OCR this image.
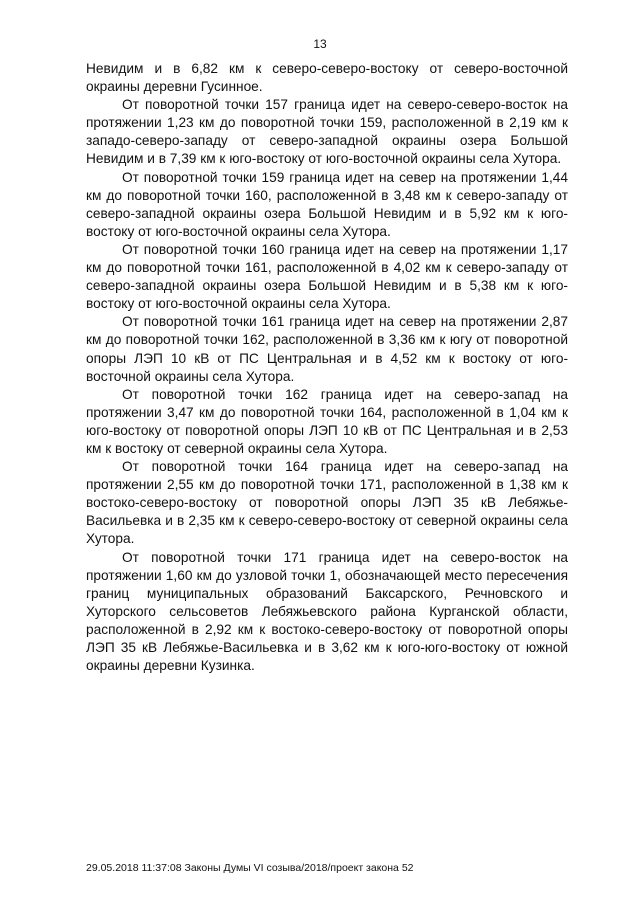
13

Невидим и в 6,82 км к северо-северо-востоку от северо-восточной окраины деревни Гусинное.

От поворотной точки 157 граница идет на северо-северо-восток на протяжении 1,23 км до поворотной точки 159, расположенной в 2,19 км к западо-северо-западу от северо-западной окраины озера Большой Невидим и в 7,39 км к юго-востоку от юго-восточной окраины села Хутора.

От поворотной точки 159 граница идет на север на протяжении 1,44 км до поворотной точки 160, расположенной в 3,48 км к северо-западу от северо-западной окраины озера Большой Невидим и в 5,92 км к юго-востоку от юго-восточной окраины села Хутора.

От поворотной точки 160 граница идет на север на протяжении 1,17 км до поворотной точки 161, расположенной в 4,02 км к северо-западу от северо-западной окраины озера Большой Невидим и в 5,38 км к юго-востоку от юго-восточной окраины села Хутора.

От поворотной точки 161 граница идет на север на протяжении 2,87 км до поворотной точки 162, расположенной в 3,36 км к югу от поворотной опоры ЛЭП 10 кВ от ПС Центральная и в 4,52 км к востоку от юго-восточной окраины села Хутора.

От поворотной точки 162 граница идет на северо-запад на протяжении 3,47 км до поворотной точки 164, расположенной в 1,04 км к юго-востоку от поворотной опоры ЛЭП 10 кВ от ПС Центральная и в 2,53 км к востоку от северной окраины села Хутора.

От поворотной точки 164 граница идет на северо-запад на протяжении 2,55 км до поворотной точки 171, расположенной в 1,38 км к востоко-северо-востоку от поворотной опоры ЛЭП 35 кВ Лебяжье-Васильевка и в 2,35 км к северо-северо-востоку от северной окраины села Хутора.

От поворотной точки 171 граница идет на северо-восток на протяжении 1,60 км до узловой точки 1, обозначающей место пересечения границ муниципальных образований Баксарского, Речновского и Хуторского сельсоветов Лебяжьевского района Курганской области, расположенной в 2,92 км к востоко-северо-востоку от поворотной опоры ЛЭП 35 кВ Лебяжье-Васильевка и в 3,62 км к юго-юго-востоку от южной окраины деревни Кузинка.

29.05.2018 11:37:08 Законы Думы VI созыва/2018/проект закона 52
